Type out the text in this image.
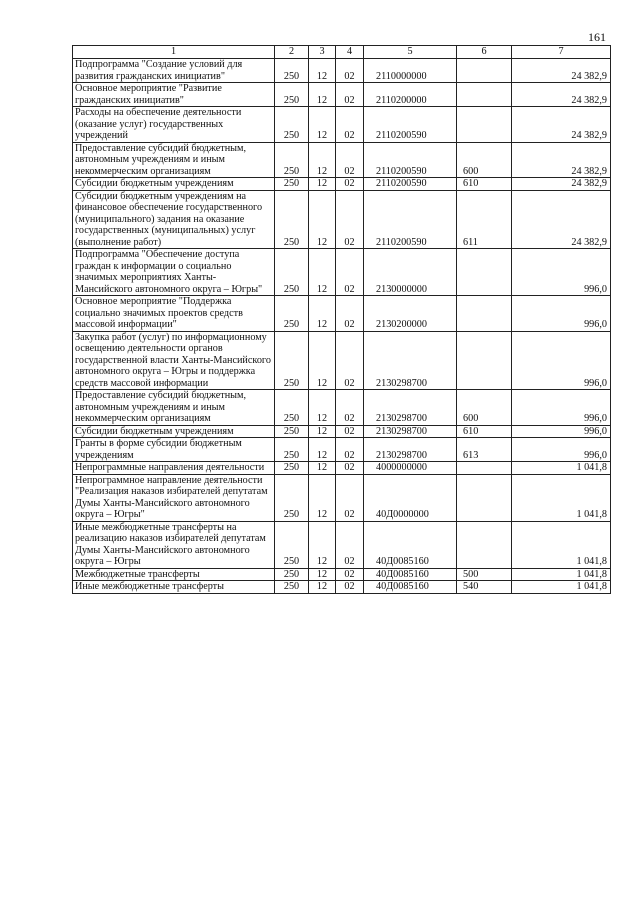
161
1	2	3	4	5	6	7
Подпрограмма "Создание условий для развития гражданских инициатив"	250	12	02	2110000000		24 382,9
Основное мероприятие "Развитие гражданских инициатив"	250	12	02	2110200000		24 382,9
Расходы на обеспечение деятельности (оказание услуг) государственных учреждений	250	12	02	2110200590		24 382,9
Предоставление субсидий бюджетным, автономным учреждениям и иным некоммерческим организациям	250	12	02	2110200590	600	24 382,9
Субсидии бюджетным учреждениям	250	12	02	2110200590	610	24 382,9
Субсидии бюджетным учреждениям на финансовое обеспечение государственного (муниципального) задания на оказание государственных (муниципальных) услуг (выполнение работ)	250	12	02	2110200590	611	24 382,9
Подпрограмма "Обеспечение доступа граждан к информации о социально значимых мероприятиях Ханты-Мансийского автономного округа – Югры"	250	12	02	2130000000		996,0
Основное мероприятие "Поддержка социально значимых проектов средств массовой информации"	250	12	02	2130200000		996,0
Закупка работ (услуг) по информационному освещению деятельности органов государственной власти Ханты-Мансийского автономного округа – Югры и поддержка средств массовой информации	250	12	02	2130298700		996,0
Предоставление субсидий бюджетным, автономным учреждениям и иным некоммерческим организациям	250	12	02	2130298700	600	996,0
Субсидии бюджетным учреждениям	250	12	02	2130298700	610	996,0
Гранты в форме субсидии бюджетным учреждениям	250	12	02	2130298700	613	996,0
Непрограммные направления деятельности	250	12	02	4000000000		1 041,8
Непрограммное направление деятельности "Реализация наказов избирателей депутатам Думы Ханты-Мансийского автономного округа – Югры"	250	12	02	40Д0000000		1 041,8
Иные межбюджетные трансферты на реализацию наказов избирателей депутатам Думы Ханты-Мансийского автономного округа – Югры	250	12	02	40Д0085160		1 041,8
Межбюджетные трансферты	250	12	02	40Д0085160	500	1 041,8
Иные межбюджетные трансферты	250	12	02	40Д0085160	540	1 041,8
